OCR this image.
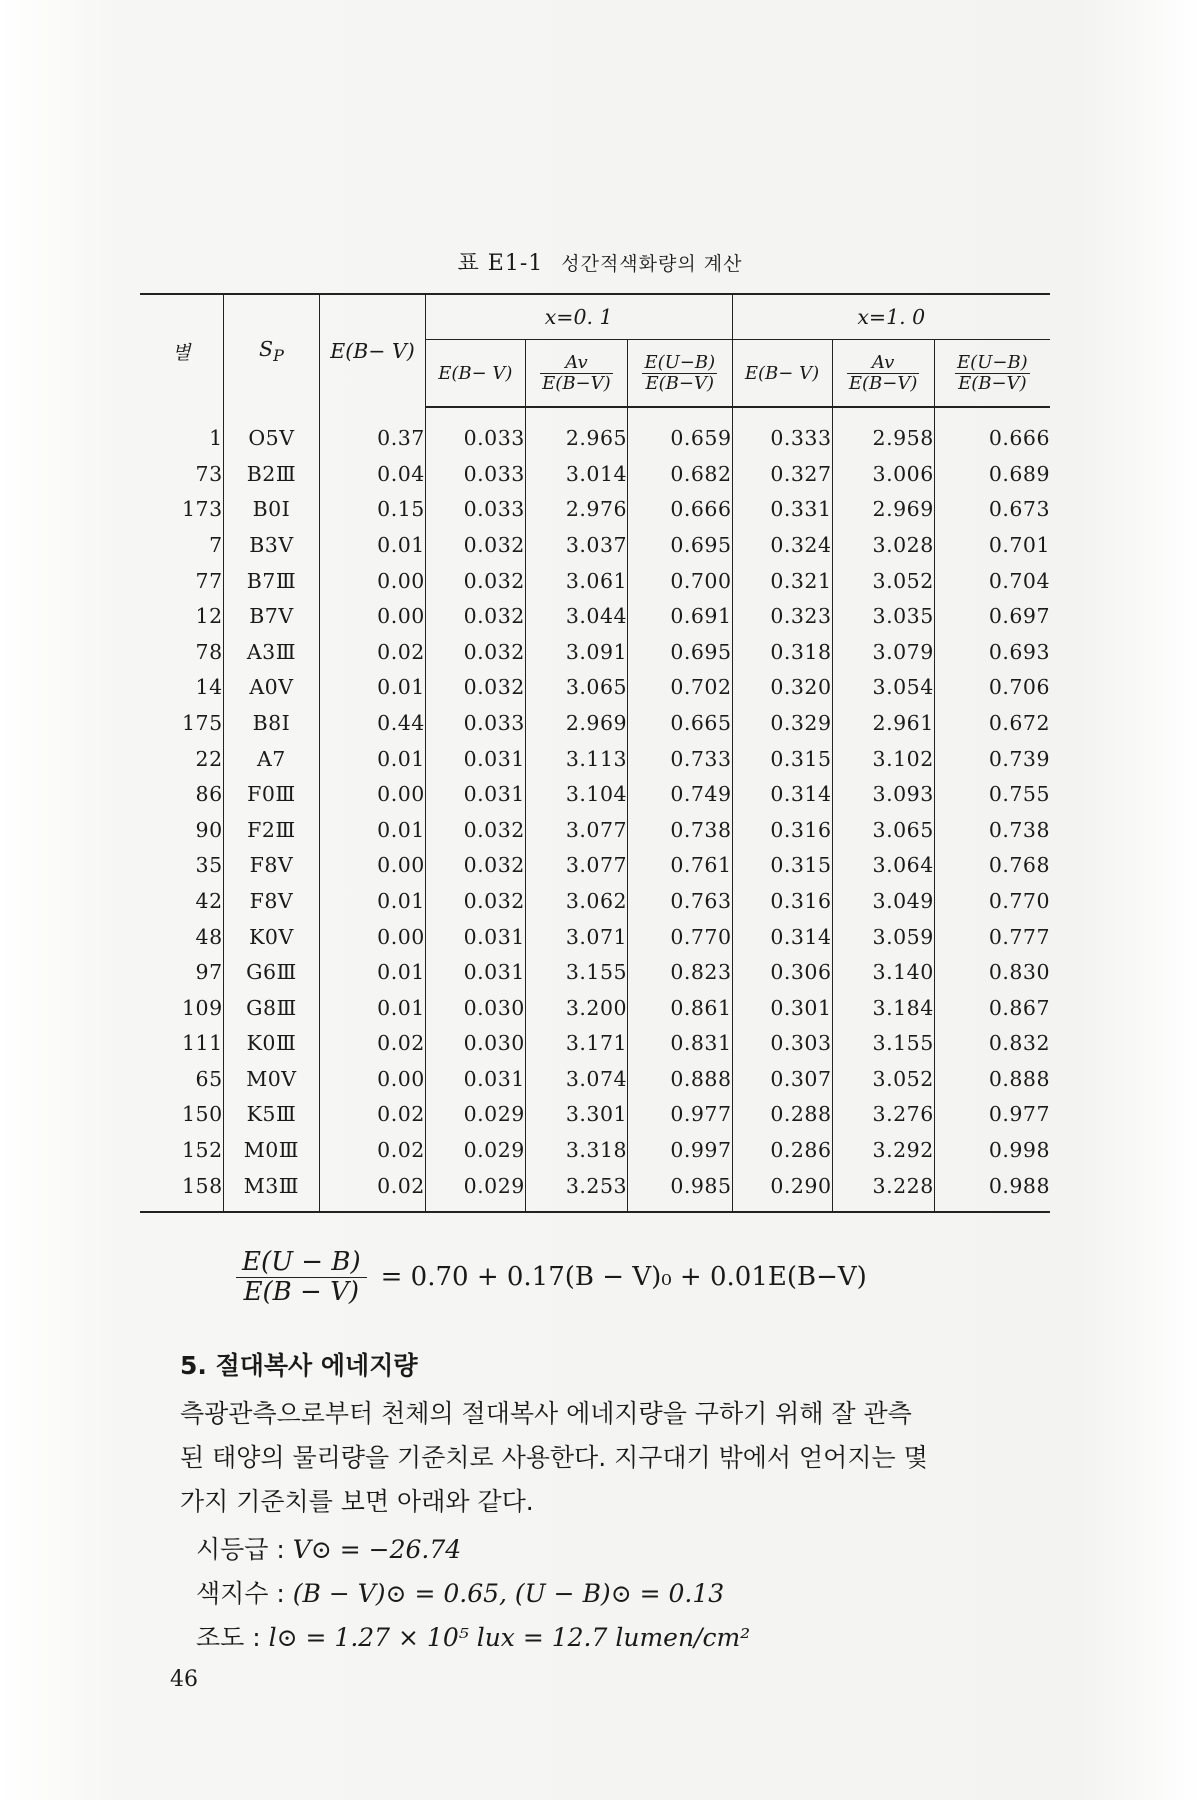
표 E1-1 성간적색화량의 계산
별	$S_P$	E(B− V)	x=0. 1			x=1. 0		
			E(B− V)	$\frac{Av}{E(B-V)}$	$\frac{E(U-B)}{E(B-V)}$	E(B− V)	$\frac{Av}{E(B-V)}$	$\frac{E(U-B)}{E(B-V)}$

1	O5V	0.37	0.033	2.965	0.659	0.333	2.958	0.666
73	B2Ⅲ	0.04	0.033	3.014	0.682	0.327	3.006	0.689
173	B0Ⅰ	0.15	0.033	2.976	0.666	0.331	2.969	0.673
7	B3V	0.01	0.032	3.037	0.695	0.324	3.028	0.701
77	B7Ⅲ	0.00	0.032	3.061	0.700	0.321	3.052	0.704
12	B7V	0.00	0.032	3.044	0.691	0.323	3.035	0.697
78	A3Ⅲ	0.02	0.032	3.091	0.695	0.318	3.079	0.693
14	A0V	0.01	0.032	3.065	0.702	0.320	3.054	0.706
175	B8Ⅰ	0.44	0.033	2.969	0.665	0.329	2.961	0.672
22	A7	0.01	0.031	3.113	0.733	0.315	3.102	0.739
86	F0Ⅲ	0.00	0.031	3.104	0.749	0.314	3.093	0.755
90	F2Ⅲ	0.01	0.032	3.077	0.738	0.316	3.065	0.738
35	F8V	0.00	0.032	3.077	0.761	0.315	3.064	0.768
42	F8V	0.01	0.032	3.062	0.763	0.316	3.049	0.770
48	K0V	0.00	0.031	3.071	0.770	0.314	3.059	0.777
97	G6Ⅲ	0.01	0.031	3.155	0.823	0.306	3.140	0.830
109	G8Ⅲ	0.01	0.030	3.200	0.861	0.301	3.184	0.867
111	K0Ⅲ	0.02	0.030	3.171	0.831	0.303	3.155	0.832
65	M0V	0.00	0.031	3.074	0.888	0.307	3.052	0.888
150	K5Ⅲ	0.02	0.029	3.301	0.977	0.288	3.276	0.977
152	M0Ⅲ	0.02	0.029	3.318	0.997	0.286	3.292	0.998
158	M3Ⅲ	0.02	0.029	3.253	0.985	0.290	3.228	0.988
$\frac{E(U - B)}{E(B - V)} = 0.70 + 0.17(B - V)_0 + 0.01E(B-V)$
5. 절대복사 에네지량
측광관측으로부터 천체의 절대복사 에네지량을 구하기 위해 잘 관측
된 태양의 물리량을 기준치로 사용한다. 지구대기 밖에서 얻어지는 몇
가지 기준치를 보면 아래와 같다.
시등급 : V⊙ = −26.74
색지수 : (B − V)⊙ = 0.65, (U − B)⊙ = 0.13
조도 : l⊙ = 1.27 × 10⁵ lux = 12.7 lumen/cm²
46
